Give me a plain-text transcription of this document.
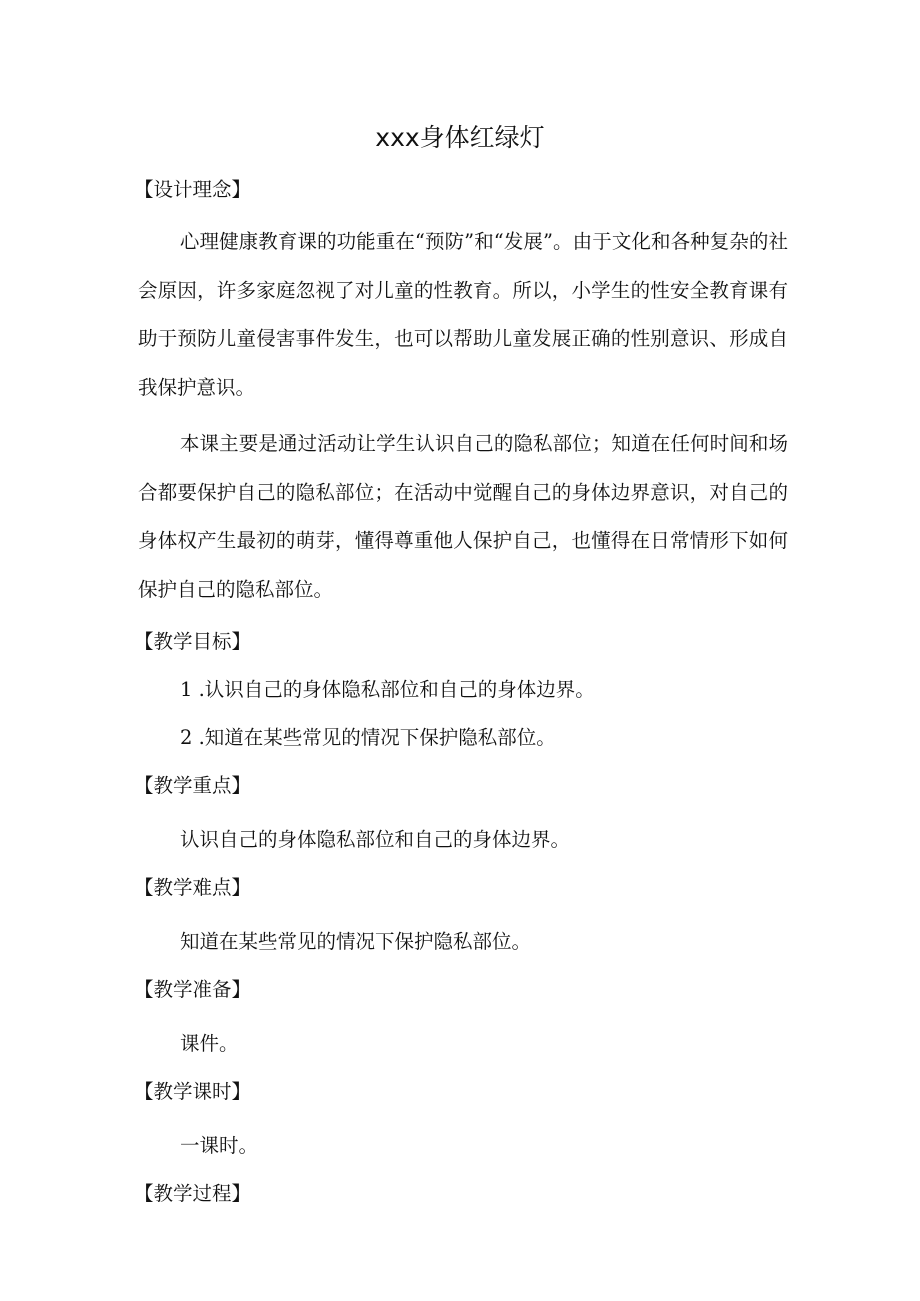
xxx身体红绿灯
【设计理念】

心理健康教育课的功能重在“预防”和“发展”。由于文化和各种复杂的社会原因，许多家庭忽视了对儿童的性教育。所以，小学生的性安全教育课有助于预防儿童侵害事件发生，也可以帮助儿童发展正确的性别意识、形成自我保护意识。

本课主要是通过活动让学生认识自己的隐私部位；知道在任何时间和场合都要保护自己的隐私部位；在活动中觉醒自己的身体边界意识，对自己的身体权产生最初的萌芽，懂得尊重他人保护自己，也懂得在日常情形下如何保护自己的隐私部位。

【教学目标】
1 .认识自己的身体隐私部位和自己的身体边界。
2 .知道在某些常见的情况下保护隐私部位。
【教学重点】
认识自己的身体隐私部位和自己的身体边界。
【教学难点】
知道在某些常见的情况下保护隐私部位。
【教学准备】
课件。
【教学课时】
一课时。
【教学过程】
